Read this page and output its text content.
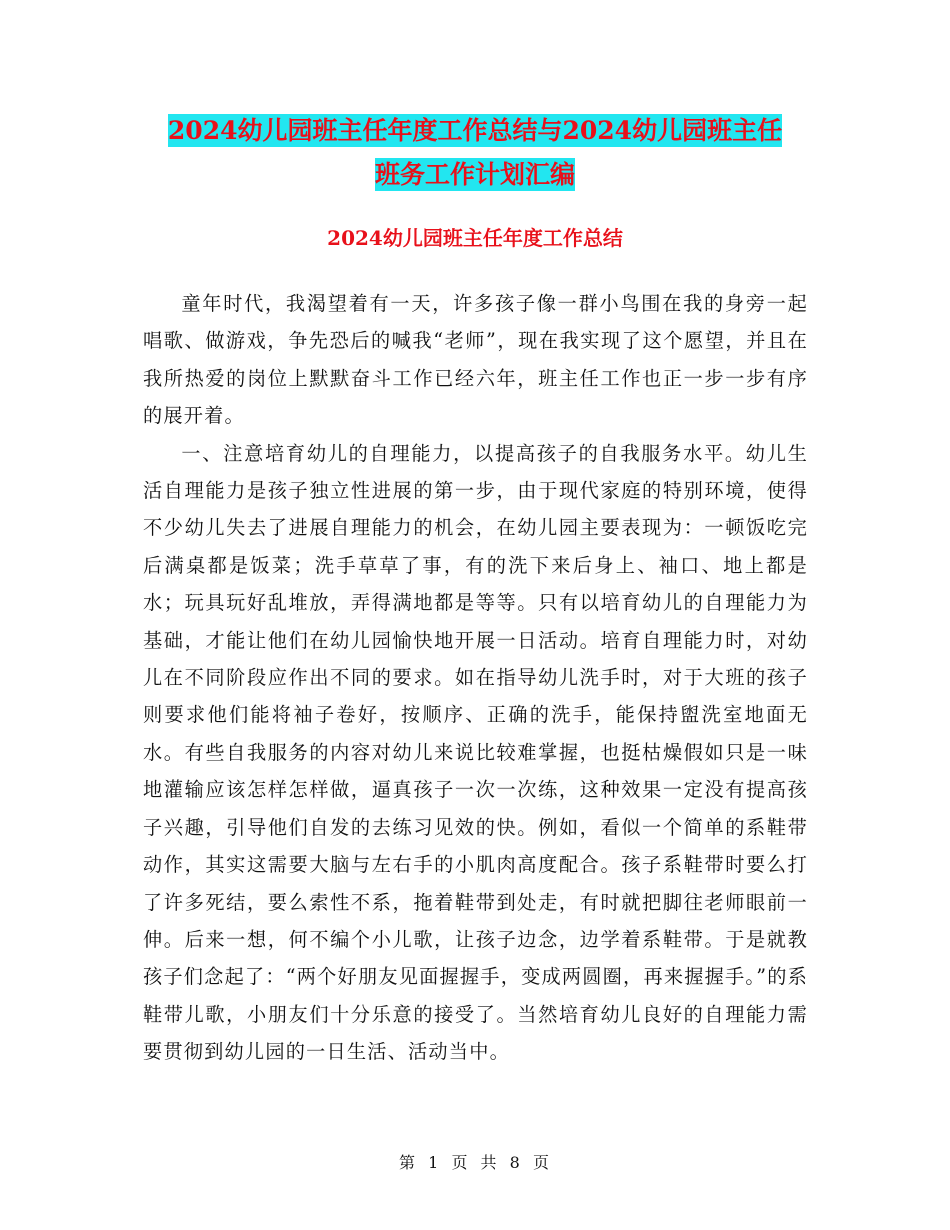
2024幼儿园班主任年度工作总结与2024幼儿园班主任
班务工作计划汇编
2024幼儿园班主任年度工作总结

童年时代，我渴望着有一天，许多孩子像一群小鸟围在我的身旁一起唱歌、做游戏，争先恐后的喊我“老师”，现在我实现了这个愿望，并且在我所热爱的岗位上默默奋斗工作已经六年，班主任工作也正一步一步有序的展开着。

一、注意培育幼儿的自理能力，以提高孩子的自我服务水平。幼儿生活自理能力是孩子独立性进展的第一步，由于现代家庭的特别环境，使得不少幼儿失去了进展自理能力的机会，在幼儿园主要表现为：一顿饭吃完后满桌都是饭菜；洗手草草了事，有的洗下来后身上、袖口、地上都是水；玩具玩好乱堆放，弄得满地都是等等。只有以培育幼儿的自理能力为基础，才能让他们在幼儿园愉快地开展一日活动。培育自理能力时，对幼儿在不同阶段应作出不同的要求。如在指导幼儿洗手时，对于大班的孩子则要求他们能将袖子卷好，按顺序、正确的洗手，能保持盥洗室地面无水。有些自我服务的内容对幼儿来说比较难掌握，也挺枯燥假如只是一味地灌输应该怎样怎样做，逼真孩子一次一次练，这种效果一定没有提高孩子兴趣，引导他们自发的去练习见效的快。例如，看似一个简单的系鞋带动作，其实这需要大脑与左右手的小肌肉高度配合。孩子系鞋带时要么打了许多死结，要么索性不系，拖着鞋带到处走，有时就把脚往老师眼前一伸。后来一想，何不编个小儿歌，让孩子边念，边学着系鞋带。于是就教孩子们念起了：“两个好朋友见面握握手，变成两圆圈，再来握握手。”的系鞋带儿歌，小朋友们十分乐意的接受了。当然培育幼儿良好的自理能力需要贯彻到幼儿园的一日生活、活动当中。

第 1 页 共 8 页
